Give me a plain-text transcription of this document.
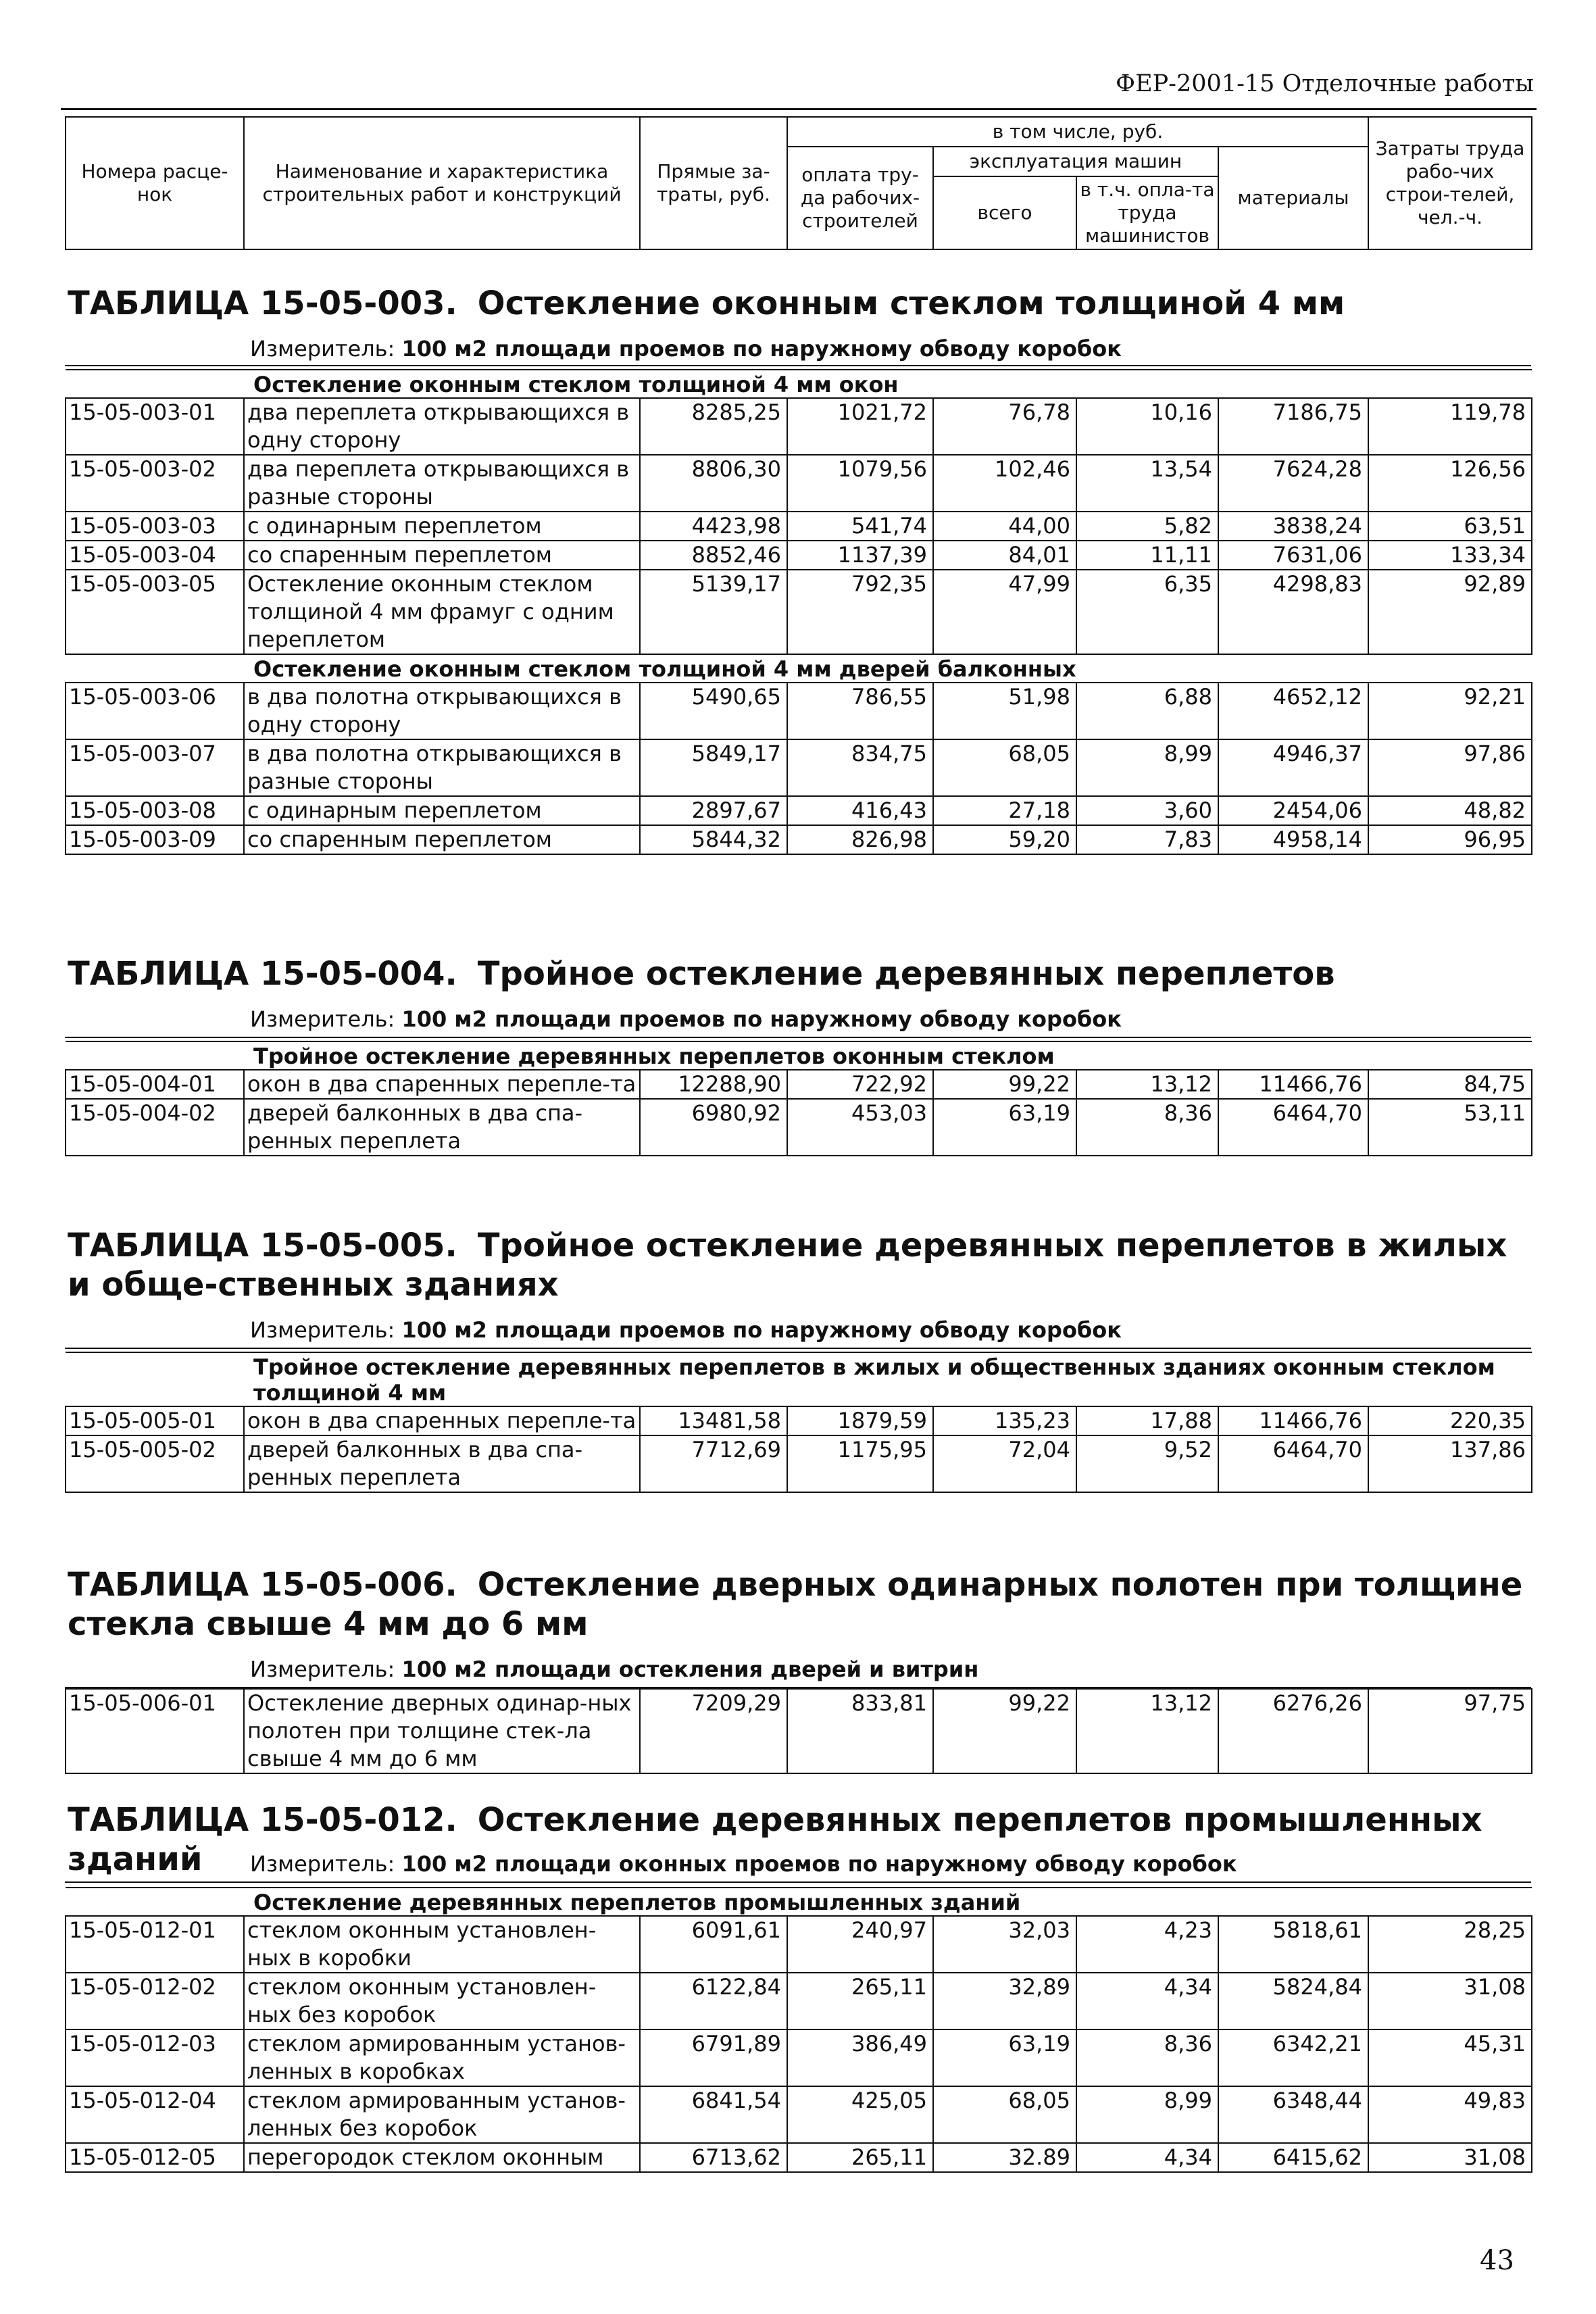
ФЕР-2001-15 Отделочные работы
Номера расце-нок	Наименование и характеристика строительных работ и конструкций	Прямые за-траты, руб.	в том числе, руб.				Затраты труда рабо-чих строи-телей, чел.-ч.
			оплата тру-да рабочих-строителей	эксплуатация машин		материалы	
				всего	в т.ч. опла-та труда машинистов		

ТАБЛИЦА 15-05-003. Остекление оконным стеклом толщиной 4 мм
Измеритель: 100 м2 площади проемов по наружному обводу коробок
Остекление оконным стеклом толщиной 4 мм окон							
15-05-003-01	два переплета открывающихся в одну сторону	8285,25	1021,72	76,78	10,16	7186,75	119,78
15-05-003-02	два переплета открывающихся в разные стороны	8806,30	1079,56	102,46	13,54	7624,28	126,56
15-05-003-03	с одинарным переплетом	4423,98	541,74	44,00	5,82	3838,24	63,51
15-05-003-04	со спаренным переплетом	8852,46	1137,39	84,01	11,11	7631,06	133,34
15-05-003-05	Остекление оконным стеклом толщиной 4 мм фрамуг с одним переплетом	5139,17	792,35	47,99	6,35	4298,83	92,89
Остекление оконным стеклом толщиной 4 мм дверей балконных							
15-05-003-06	в два полотна открывающихся в одну сторону	5490,65	786,55	51,98	6,88	4652,12	92,21
15-05-003-07	в два полотна открывающихся в разные стороны	5849,17	834,75	68,05	8,99	4946,37	97,86
15-05-003-08	с одинарным переплетом	2897,67	416,43	27,18	3,60	2454,06	48,82
15-05-003-09	со спаренным переплетом	5844,32	826,98	59,20	7,83	4958,14	96,95
ТАБЛИЦА 15-05-004. Тройное остекление деревянных переплетов
Измеритель: 100 м2 площади проемов по наружному обводу коробок
Тройное остекление деревянных переплетов оконным стеклом							
15-05-004-01	окон в два спаренных перепле-та	12288,90	722,92	99,22	13,12	11466,76	84,75
15-05-004-02	дверей балконных в два спа-ренных переплета	6980,92	453,03	63,19	8,36	6464,70	53,11
ТАБЛИЦА 15-05-005. Тройное остекление деревянных переплетов в жилых и обще-ственных зданиях
Измеритель: 100 м2 площади проемов по наружному обводу коробок
Тройное остекление деревянных переплетов в жилых и общественных зданиях оконным стеклом толщиной 4 мм							
15-05-005-01	окон в два спаренных перепле-та	13481,58	1879,59	135,23	17,88	11466,76	220,35
15-05-005-02	дверей балконных в два спа-ренных переплета	7712,69	1175,95	72,04	9,52	6464,70	137,86
ТАБЛИЦА 15-05-006. Остекление дверных одинарных полотен при толщине стекла свыше 4 мм до 6 мм
Измеритель: 100 м2 площади остекления дверей и витрин
15-05-006-01	Остекление дверных одинар-ных полотен при толщине стек-ла свыше 4 мм до 6 мм	7209,29	833,81	99,22	13,12	6276,26	97,75
ТАБЛИЦА 15-05-012. Остекление деревянных переплетов промышленных зданий	Измеритель: 100 м2 площади оконных проемов по наружному обводу коробок
Остекление деревянных переплетов промышленных зданий							
15-05-012-01	стеклом оконным установлен-ных в коробки	6091,61	240,97	32,03	4,23	5818,61	28,25
15-05-012-02	стеклом оконным установлен-ных без коробок	6122,84	265,11	32,89	4,34	5824,84	31,08
15-05-012-03	стеклом армированным установ-ленных в коробках	6791,89	386,49	63,19	8,36	6342,21	45,31
15-05-012-04	стеклом армированным установ-ленных без коробок	6841,54	425,05	68,05	8,99	6348,44	49,83
15-05-012-05	перегородок стеклом оконным	6713,62	265,11	32.89	4,34	6415,62	31,08
43
